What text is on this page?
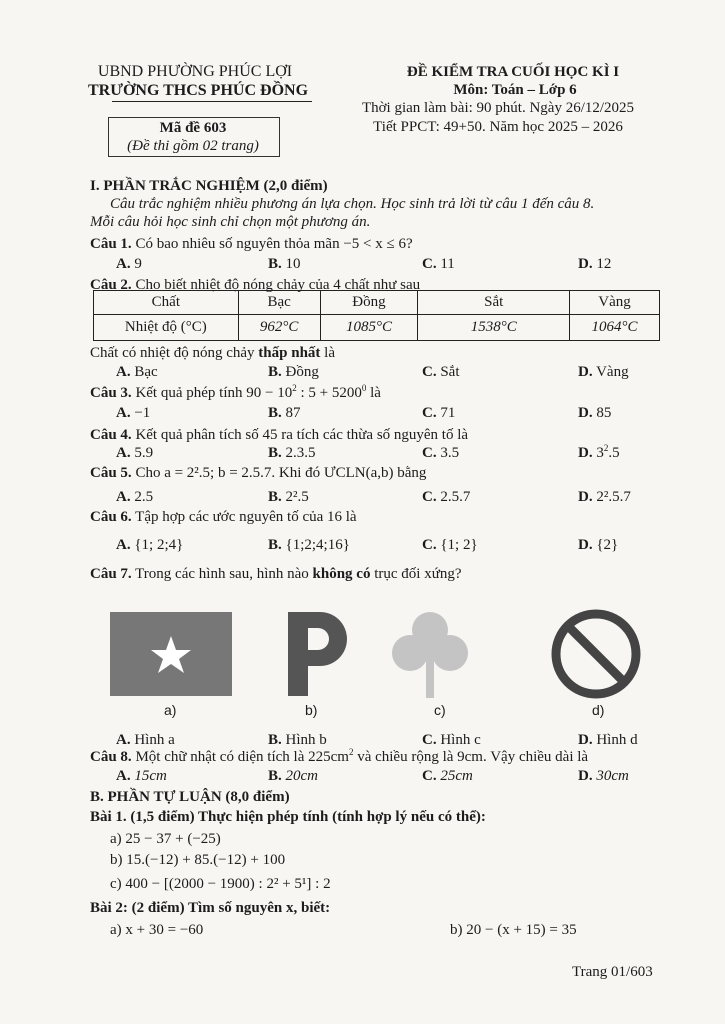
UBND PHƯỜNG PHÚC LỢI
TRƯỜNG THCS PHÚC ĐỒNG
Mã đề 603
(Đề thi gồm 02 trang)
ĐỀ KIỂM TRA CUỐI HỌC KÌ I
Môn: Toán – Lớp 6
Thời gian làm bài: 90 phút. Ngày 26/12/2025
Tiết PPCT: 49+50. Năm học 2025 – 2026
I. PHẦN TRẮC NGHIỆM (2,0 điểm)
Câu trắc nghiệm nhiều phương án lựa chọn. Học sinh trả lời từ câu 1 đến câu 8.
Mỗi câu hỏi học sinh chỉ chọn một phương án.
Câu 1. Có bao nhiêu số nguyên thỏa mãn −5 < x ≤ 6?
Câu 2. Cho biết nhiệt độ nóng chảy của 4 chất như sau
Chất	Bạc	Đồng	Sắt	Vàng
Nhiệt độ (°C)	962°C	1085°C	1538°C	1064°C
Chất có nhiệt độ nóng chảy thấp nhất là
Câu 3. Kết quả phép tính $90 - 10^2$ : $5 + 5200^0$ là
Câu 4. Kết quả phân tích số 45 ra tích các thừa số nguyên tố là
D. $3^2.5$
Câu 5. Cho a = 2².5; b = 2.5.7. Khi đó ƯCLN(a,b) bằng
Câu 6. Tập hợp các ước nguyên tố của 16 là
Câu 7. Trong các hình sau, hình nào không có trục đối xứng?
a)	b)	c)	d)
Câu 8. Một chữ nhật có diện tích là $225cm^2$ và chiều rộng là 9cm. Vậy chiều dài là
B. PHẦN TỰ LUẬN (8,0 điểm)
Bài 1. (1,5 điểm) Thực hiện phép tính (tính hợp lý nếu có thể):
a) 25 − 37 + (−25)
b) 15.(−12) + 85.(−12) + 100
c) 400 − [(2000 − 1900) : 2² + 5¹] : 2
Bài 2: (2 điểm) Tìm số nguyên x, biết:
a) x + 30 = −60	b) 20 − (x + 15) = 35
Trang 01/603
A. 9	B. 10	C. 11	D. 12
A. Bạc	B. Đồng	C. Sắt	D. Vàng
A. −1	B. 87	C. 71	D. 85
A. 5.9	B. 2.3.5	C. 3.5
A. 2.5	B. 2².5	C. 2.5.7	D. 2².5.7
A. {1; 2;4}	B. {1;2;4;16}	C. {1; 2}	D. {2}
A. Hình a	B. Hình b	C. Hình c	D. Hình d
A. 15cm	B. 20cm	C. 25cm	D. 30cm
